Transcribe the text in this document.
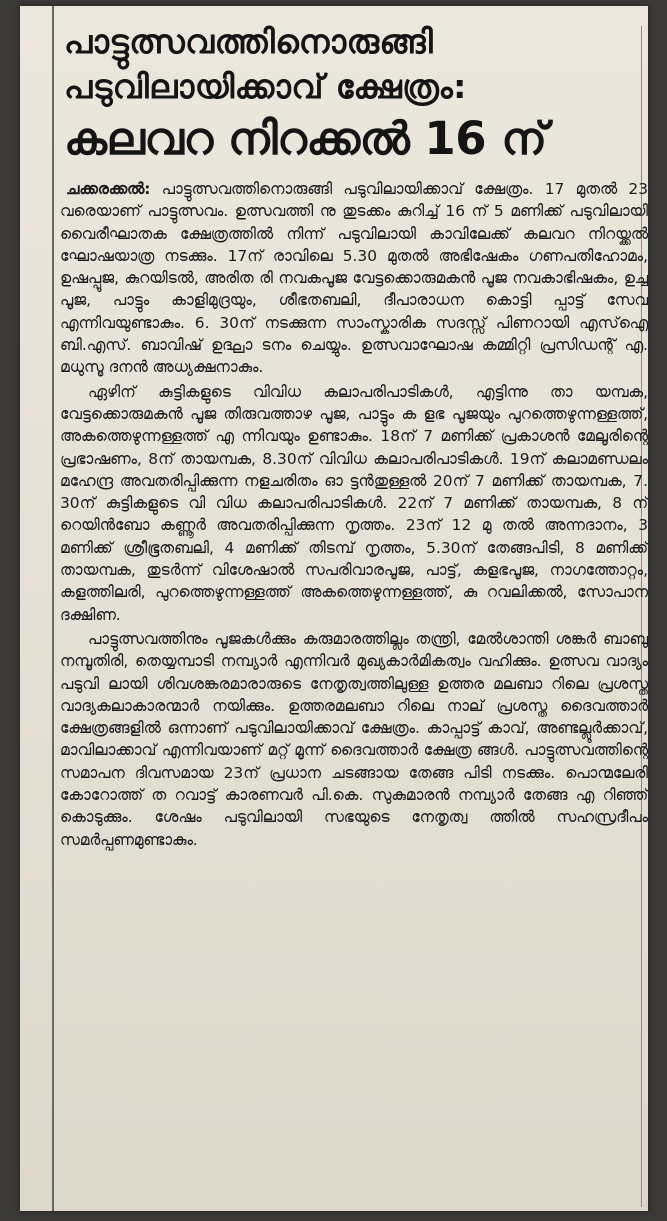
പാട്ടുത്സവത്തിനൊരുങ്ങി
പടുവിലായിക്കാവ് ക്ഷേത്രം:
കലവറ നിറക്കൽ 16 ന്

ചക്കരക്കൽ: പാട്ടുത്സവത്തിനൊരുങ്ങി പടുവിലായിക്കാവ് ക്ഷേത്രം. 17 മുതൽ 23 വരെയാണ് പാട്ടുത്സവം. ഉത്സവത്തി നു തുടക്കം കുറിച്ച് 16 ന് 5 മണിക്ക് പടുവിലായി വൈരീഘാതക ക്ഷേത്രത്തിൽ നിന്ന് പടുവിലായി കാവിലേക്ക് കലവറ നിറയ്ക്കൽ ഘോഷയാത്ര നടക്കും. 17ന് രാവിലെ 5.30 മുതൽ അഭിഷേകം ഗണപതിഹോമം, ഉഷപ്പൂജ, കുറയിടൽ, അരിത രി നവകപൂജ വേട്ടക്കൊരുമകൻ പൂജ നവകാഭിഷകം, ഉച്ച പൂജ, പാട്ടും കാളിമുദ്രയും, ശീഭതബലി, ദീപാരാധന കൊട്ടി പ്പാട്ട് സേവ എന്നിവയുണ്ടാകും. 6. 30ന് നടക്കുന്ന സാംസ്കാരിക സദസ്സ് പിണറായി എസ്ഐ ബി.എസ്. ബാവിഷ് ഉദ്ഘാ ടനം ചെയ്യും. ഉത്സവാഘോഷ കമ്മിറ്റി പ്രസിഡന്റ് എ. മധുസൂ ദനൻ അധ്യക്ഷനാകും.

ഏഴിന് കുട്ടികളുടെ വിവിധ കലാപരിപാടികൾ, എട്ടിന്നു താ യമ്പക, വേട്ടക്കൊരുമകൻ പൂജ തിരുവത്താഴ പൂജ, പാട്ടും ക ളഭ പൂജയും പുറത്തെഴുന്നള്ളത്ത്, അകത്തെഴുന്നള്ളത്ത് എ ന്നിവയും ഉണ്ടാകും. 18ന് 7 മണിക്ക് പ്രകാശൻ മേലൂരിന്റെ പ്രഭാഷണം, 8ന് തായമ്പക, 8.30ന് വിവിധ കലാപരിപാടികൾ. 19ന് കലാമണ്ഡലം മഹേന്ദ്ര അവതരിപ്പിക്കുന്ന നളചരിതം ഓ ട്ടൻതുള്ളൽ 20ന് 7 മണിക്ക് തായമ്പക, 7. 30ന് കുട്ടികളുടെ വി വിധ കലാപരിപാടികൾ. 22ന് 7 മണിക്ക് തായമ്പക, 8 ന് റെയിൻബോ കണ്ണൂർ അവതരിപ്പിക്കുന്ന നൃത്തം. 23ന് 12 മു തൽ അന്നദാനം, 3 മണിക്ക് ശ്രീഭൂതബലി, 4 മണിക്ക് തിടമ്പ് നൃത്തം, 5.30ന് തേങ്ങപിടി, 8 മണിക്ക് തായമ്പക, തുടർന്ന് വിശേഷാൽ സപരിവാരപൂജ, പാട്ട്, കളഭപൂജ, നാഗത്തോറ്റം, കളത്തിലരി, പുറത്തെഴുന്നള്ളത്ത് അകത്തെഴുന്നള്ളത്ത്, കു റവലിക്കൽ, സോപാന ദക്ഷിണ.

പാട്ടുത്സവത്തിനും പൂജകൾക്കും കരുമാരത്തില്ലം തന്ത്രി, മേൽശാന്തി ശങ്കർ ബാബു നമ്പൂതിരി, തെയ്യമ്പാടി നമ്പ്യാർ എന്നിവർ മുഖ്യകാർമികത്വം വഹിക്കും. ഉത്സവ വാദ്യം പടുവി ലായി ശിവശങ്കരമാരാരുടെ നേതൃത്വത്തിലുള്ള ഉത്തര മലബാ റിലെ പ്രശസ്ത വാദ്യകലാകാരന്മാർ നയിക്കും. ഉത്തരമലബാ റിലെ നാല് പ്രശസ്ത ദൈവത്താർ ക്ഷേത്രങ്ങളിൽ ഒന്നാണ് പടുവിലായിക്കാവ് ക്ഷേത്രം. കാപ്പാട്ട് കാവ്, അണ്ടല്ലൂർക്കാവ്, മാവിലാക്കാവ് എന്നിവയാണ് മറ്റ് മൂന്ന് ദൈവത്താർ ക്ഷേത്ര ങ്ങൾ. പാട്ടുത്സവത്തിന്റെ സമാപന ദിവസമായ 23ന് പ്രധാന ചടങ്ങായ തേങ്ങ പിടി നടക്കും. പൊന്മലേരി കോറോത്ത് ത റവാട്ട് കാരണവർ പി.കെ. സുകുമാരൻ നമ്പ്യാർ തേങ്ങ എ റിഞ്ഞ് കൊടുക്കും. ശേഷം പടുവിലായി സഭയുടെ നേതൃത്വ ത്തിൽ സഹസ്രദീപം സമർപ്പണമുണ്ടാകും.
